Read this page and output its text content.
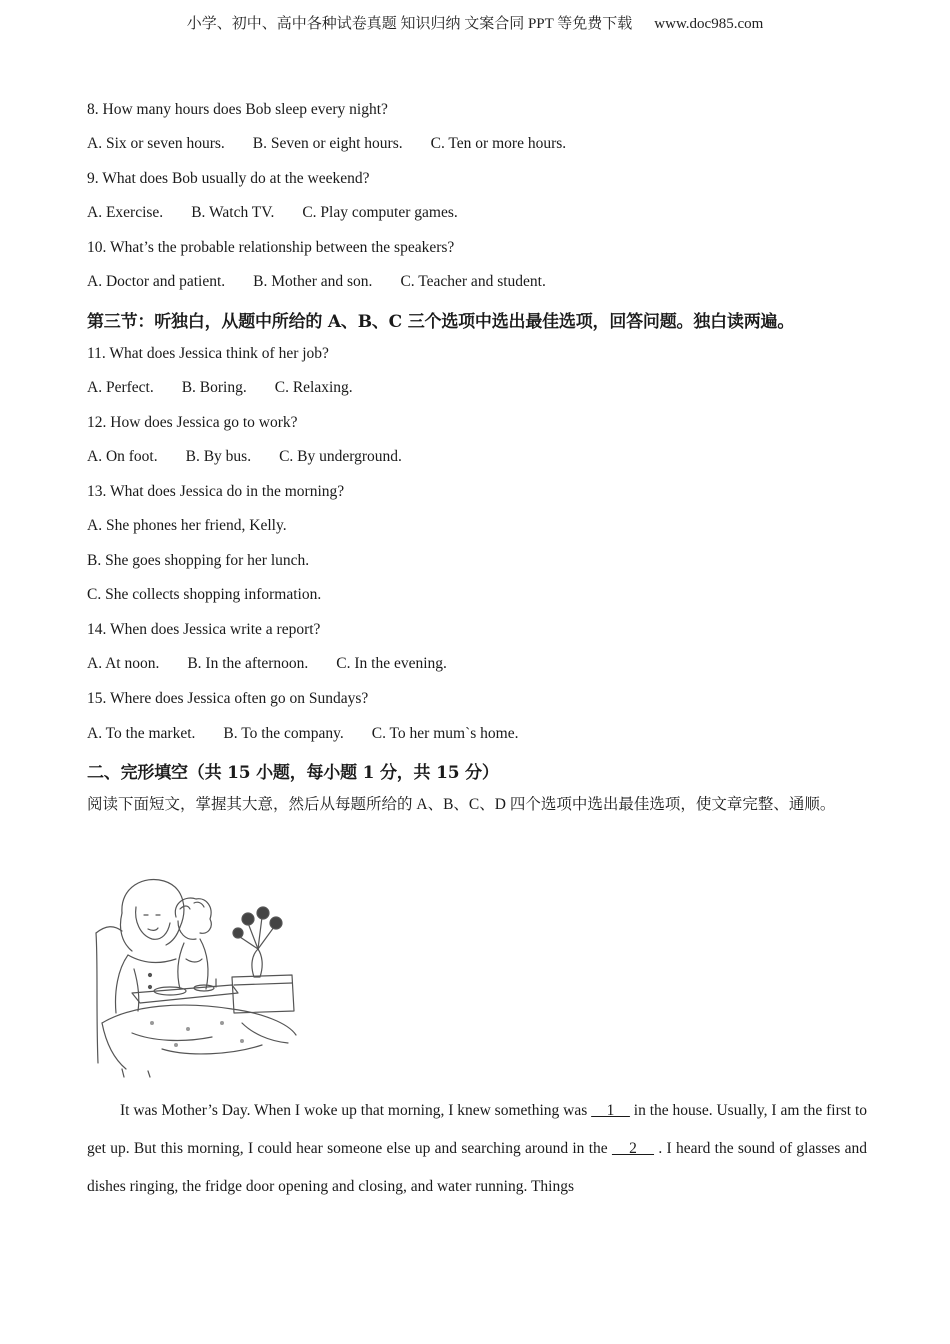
小学、初中、高中各种试卷真题 知识归纳 文案合同 PPT 等免费下载 www.doc985.com
8. How many hours does Bob sleep every night?
A. Six or seven hours. B. Seven or eight hours. C. Ten or more hours.
9. What does Bob usually do at the weekend?
A. Exercise. B. Watch TV. C. Play computer games.
10. What’s the probable relationship between the speakers?
A. Doctor and patient. B. Mother and son. C. Teacher and student.
第三节：听独白，从题中所给的 A、B、C 三个选项中选出最佳选项，回答问题。独白读两遍。
11. What does Jessica think of her job?
A. Perfect. B. Boring. C. Relaxing.
12. How does Jessica go to work?
A. On foot. B. By bus. C. By underground.
13. What does Jessica do in the morning?
A. She phones her friend, Kelly.
B. She goes shopping for her lunch.
C. She collects shopping information.
14. When does Jessica write a report?
A. At noon. B. In the afternoon. C. In the evening.
15. Where does Jessica often go on Sundays?
A. To the market. B. To the company. C. To her mum`s home.
二、完形填空（共 15 小题，每小题 1 分，共 15 分）
阅读下面短文，掌握其大意，然后从每题所给的 A、B、C、D 四个选项中选出最佳选项，使文章完整、通顺。
It was Mother’s Day. When I woke up that morning, I knew something was     1     in the house. Usually, I am the first to get up. But this morning, I could hear someone else up and searching around in the     2     . I heard the sound of glasses and dishes ringing, the fridge door opening and closing, and water running. Things
